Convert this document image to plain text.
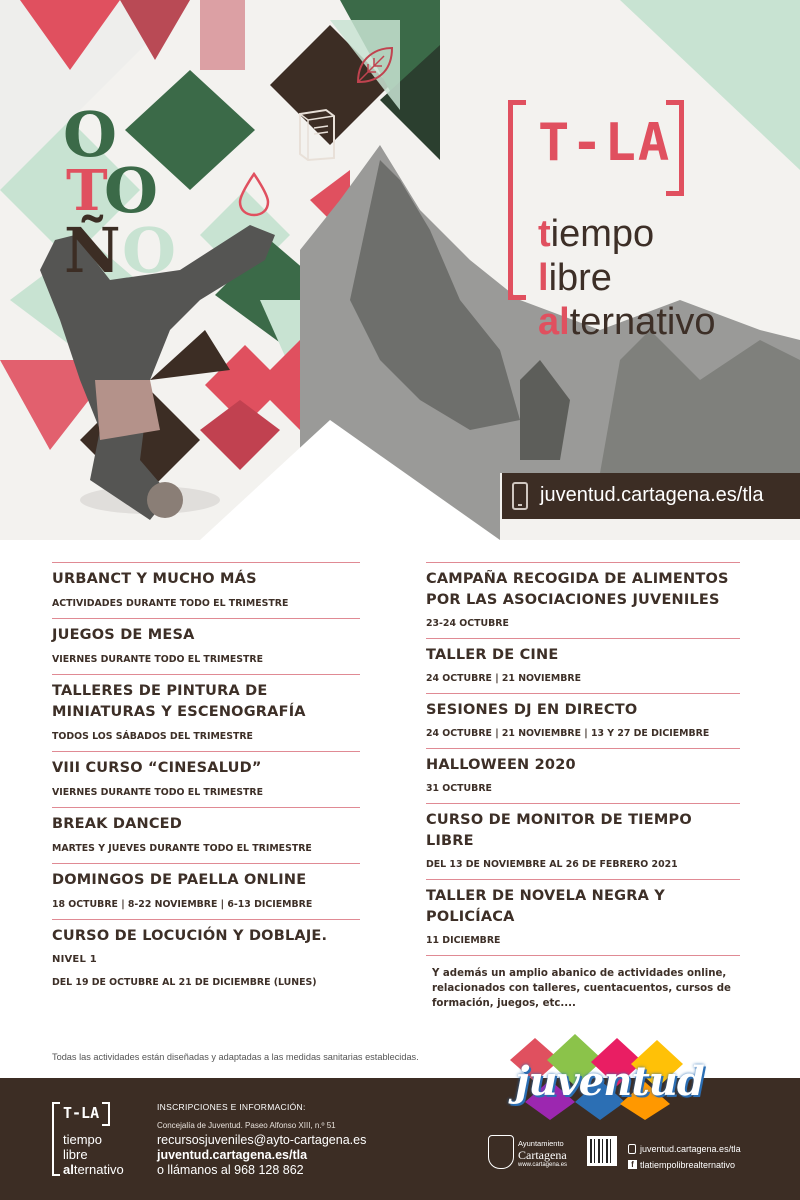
O
T
O
Ñ O
T-LA
tiempo
libre
alternativo
juventud.cartagena.es/tla
URBANCT Y MUCHO MÁS
ACTIVIDADES DURANTE TODO EL TRIMESTRE
JUEGOS DE MESA
VIERNES DURANTE TODO EL TRIMESTRE
TALLERES DE PINTURA DE MINIATURAS Y ESCENOGRAFÍA
TODOS LOS SÁBADOS DEL TRIMESTRE
VIII CURSO “CINESALUD”
VIERNES DURANTE TODO EL TRIMESTRE
BREAK DANCED
MARTES Y JUEVES DURANTE TODO EL TRIMESTRE
DOMINGOS DE PAELLA ONLINE
18 OCTUBRE | 8-22 NOVIEMBRE | 6-13 DICIEMBRE
CURSO DE LOCUCIÓN Y DOBLAJE. NIVEL 1
DEL 19 DE OCTUBRE AL 21 DE DICIEMBRE (LUNES)
CAMPAÑA RECOGIDA DE ALIMENTOS POR LAS ASOCIACIONES JUVENILES
23-24 OCTUBRE
TALLER DE CINE
24 OCTUBRE | 21 NOVIEMBRE
SESIONES DJ EN DIRECTO
24 OCTUBRE | 21 NOVIEMBRE | 13 Y 27 DE DICIEMBRE
HALLOWEEN 2020
31 OCTUBRE
CURSO DE MONITOR DE TIEMPO LIBRE
DEL 13 DE NOVIEMBRE AL 26 DE FEBRERO 2021
TALLER DE NOVELA NEGRA Y POLICÍACA
11 DICIEMBRE
Y además un amplio abanico de actividades online, relacionados con talleres, cuentacuentos, cursos de formación, juegos, etc....
Todas las actividades están diseñadas y adaptadas a las medidas sanitarias establecidas.
T-LA
tiempo
libre
alternativo
INSCRIPCIONES E INFORMACIÓN:
Concejalía de Juventud. Paseo Alfonso XIII, n.º 51
recursosjuveniles@ayto-cartagena.es
juventud.cartagena.es/tla
o llámanos al 968 128 862
juventud.cartagena.es/tla
f tlatiempolibrealternativo
juventud
Ayuntamiento
Cartagena
www.cartagena.es
